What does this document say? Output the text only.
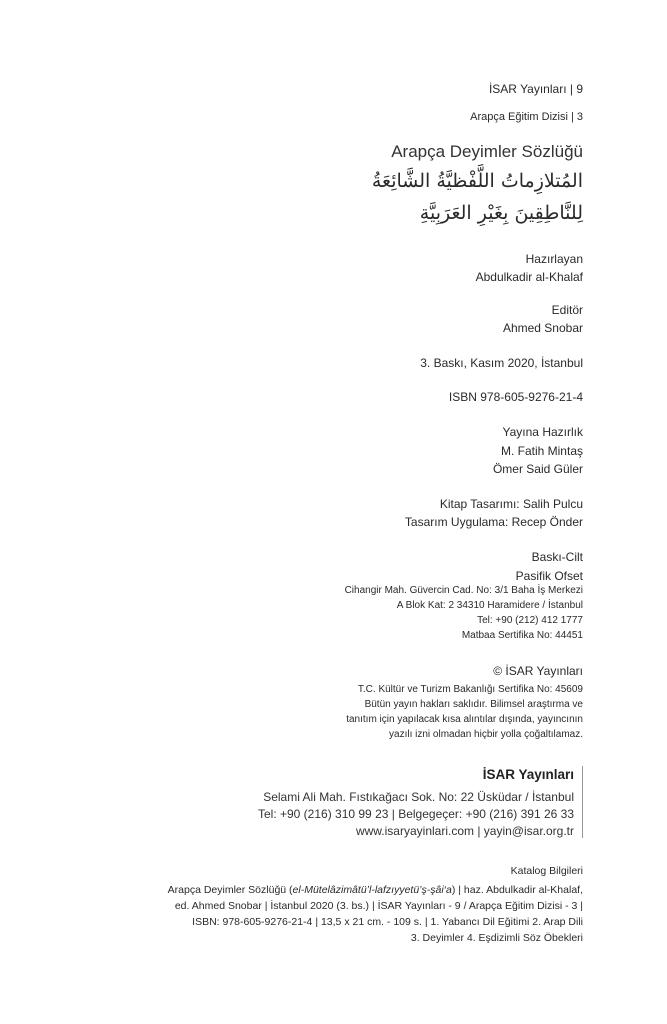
İSAR Yayınları | 9
Arapça Eğitim Dizisi | 3
Arapça Deyimler Sözlüğü
المُتلازِماتُ اللَّفْظيَّةُ الشَّائِعَةُ
لِلنَّاطِقِينَ بِغَيْرِ العَرَبِيَّةِ
Hazırlayan
Abdulkadir al-Khalaf
Editör
Ahmed Snobar
3. Baskı, Kasım 2020, İstanbul
ISBN 978-605-9276-21-4
Yayına Hazırlık
M. Fatih Mintaş
Ömer Said Güler
Kitap Tasarımı: Salih Pulcu
Tasarım Uygulama: Recep Önder
Baskı-Cilt
Pasifik Ofset
Cihangir Mah. Güvercin Cad. No: 3/1 Baha İş Merkezi
A Blok Kat: 2 34310 Haramidere / İstanbul
Tel: +90 (212) 412 1777
Matbaa Sertifika No: 44451
© İSAR Yayınları
T.C. Kültür ve Turizm Bakanlığı Sertifika No: 45609
Bütün yayın hakları saklıdır. Bilimsel araştırma ve
tanıtım için yapılacak kısa alıntılar dışında, yayıncının
yazılı izni olmadan hiçbir yolla çoğaltılamaz.
İSAR Yayınları
Selami Ali Mah. Fıstıkağacı Sok. No: 22 Üsküdar / İstanbul
Tel: +90 (216) 310 99 23 | Belgegeçer: +90 (216) 391 26 33
www.isaryayinlari.com | yayin@isar.org.tr
Katalog Bilgileri
Arapça Deyimler Sözlüğü (el-Mütelâzimâtü’l-lafzıyyetü’ş-şâi‘a) | haz. Abdulkadir al-Khalaf,
ed. Ahmed Snobar | İstanbul 2020 (3. bs.) | İSAR Yayınları - 9 / Arapça Eğitim Dizisi - 3 |
ISBN: 978-605-9276-21-4 | 13,5 x 21 cm. - 109 s. | 1. Yabancı Dil Eğitimi 2. Arap Dili
3. Deyimler 4. Eşdizimli Söz Öbekleri
